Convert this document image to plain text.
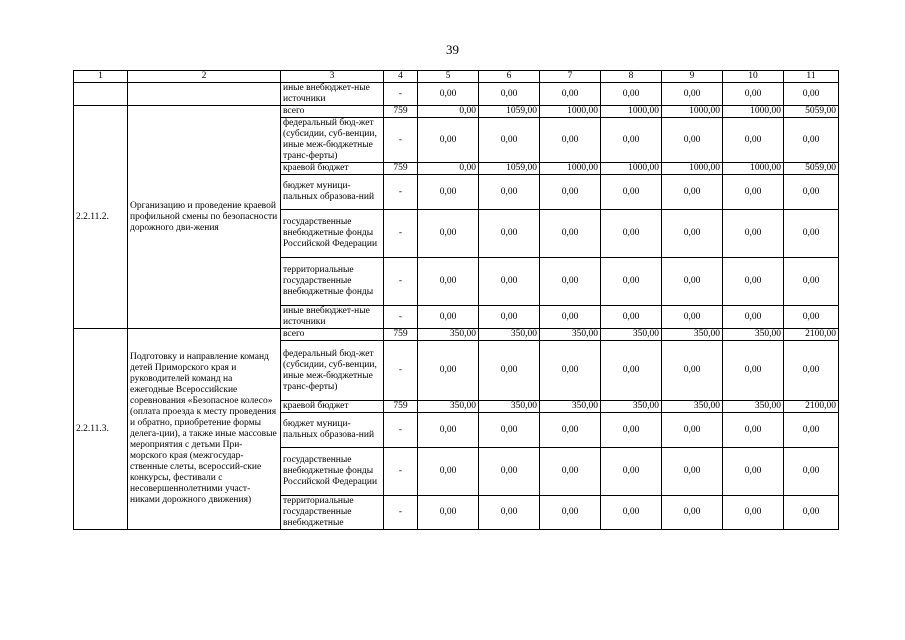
39
1	2	3	4	5	6	7	8	9	10	11
		иные внебюджет-ные источники	-	0,00	0,00	0,00	0,00	0,00	0,00	0,00
2.2.11.2.	Организацию и проведение краевой профильной смены по безопасности дорожного дви-жения	всего	759	0,00	1059,00	1000,00	1000,00	1000,00	1000,00	5059,00
		федеральный бюд-жет (субсидии, суб-венции, иные меж-бюджетные транс-ферты)	-	0,00	0,00	0,00	0,00	0,00	0,00	0,00
		краевой бюджет	759	0,00	1059,00	1000,00	1000,00	1000,00	1000,00	5059,00
		бюджет муници-пальных образова-ний	-	0,00	0,00	0,00	0,00	0,00	0,00	0,00
		государственные внебюджетные фонды Российской Федерации	-	0,00	0,00	0,00	0,00	0,00	0,00	0,00
		территориальные государственные внебюджетные фонды	-	0,00	0,00	0,00	0,00	0,00	0,00	0,00
		иные внебюджет-ные источники	-	0,00	0,00	0,00	0,00	0,00	0,00	0,00
2.2.11.3.	Подготовку и направление команд детей Приморского края и руководителей команд на ежегодные Всероссийские соревнования «Безопасное колесо» (оплата проезда к месту проведения и обратно, приобретение формы делега-ции), а также иные массовые мероприятия с детьми При-морского края (межгосудар-ственные слеты, всероссий-ские конкурсы, фестивали с несовершеннолетними участ-никами дорожного движения)	всего	759	350,00	350,00	350,00	350,00	350,00	350,00	2100,00
		федеральный бюд-жет (субсидии, суб-венции, иные меж-бюджетные транс-ферты)	-	0,00	0,00	0,00	0,00	0,00	0,00	0,00
		краевой бюджет	759	350,00	350,00	350,00	350,00	350,00	350,00	2100,00
		бюджет муници-пальных образова-ний	-	0,00	0,00	0,00	0,00	0,00	0,00	0,00
		государственные внебюджетные фонды Российской Федерации	-	0,00	0,00	0,00	0,00	0,00	0,00	0,00
		территориальные государственные внебюджетные	-	0,00	0,00	0,00	0,00	0,00	0,00	0,00
